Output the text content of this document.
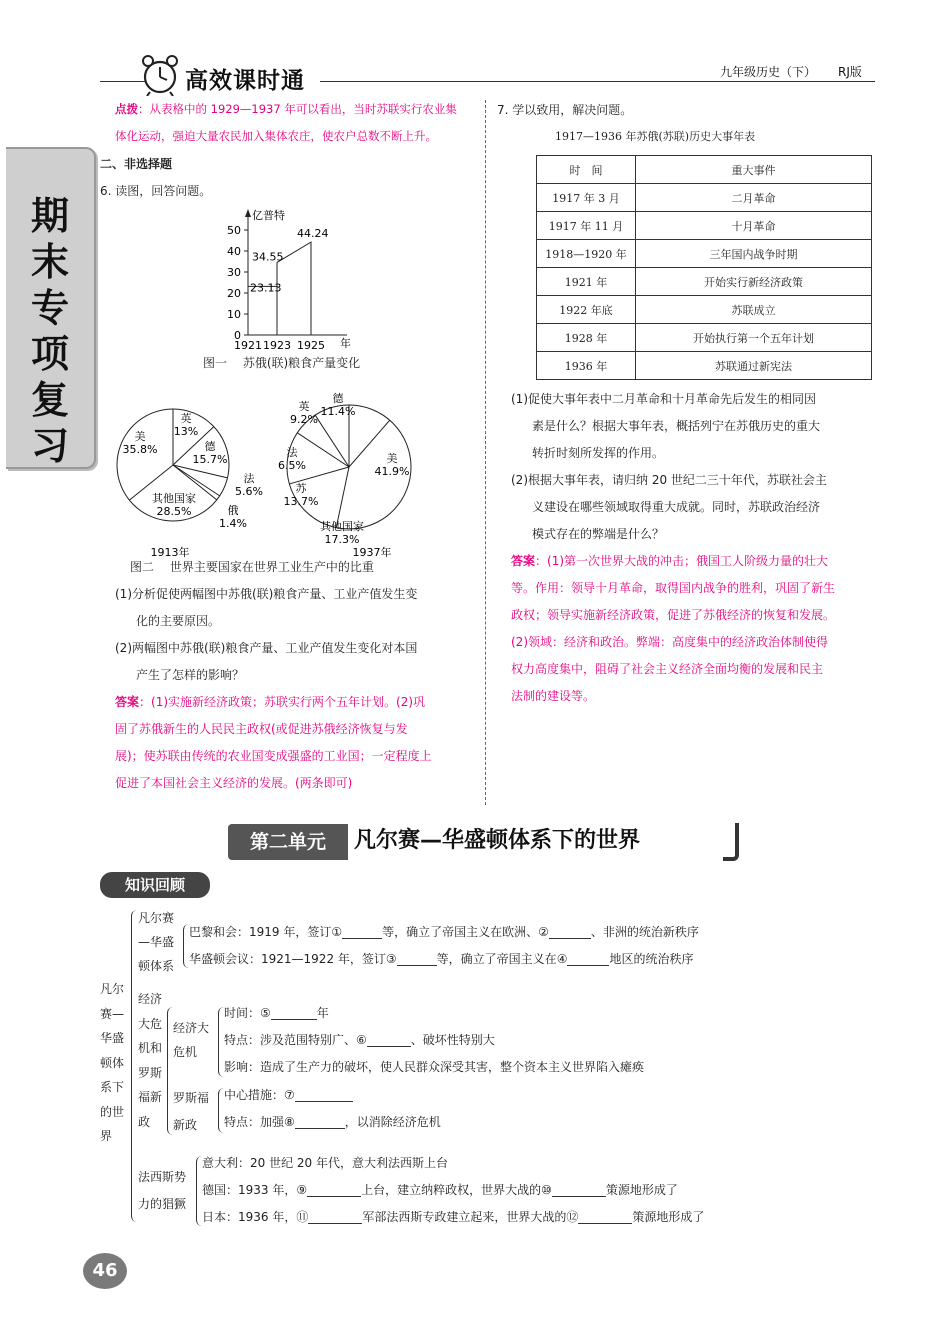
高效课时通	九年级历史（下） RJ版
期
末
专
项
复
习
点拨：从表格中的 1929—1937 年可以看出，当时苏联实行农业集
体化运动，强迫大量农民加入集体农庄，使农户总数不断上升。
二、非选择题
6. 读图，回答问题。
0
10
20
30
40
50
亿普特
23.13
34.55
44.24
1921 1923 1925 年
图一　 苏俄(联)粮食产量变化
英 13%
德 15.7%
法 5.6%
俄 1.4%
其他国家 28.5%
美 35.8%
1913年
德 11.4%
美 41.9%
其他国家 17.3%
苏 13.7%
法 6.5%
英 9.2%
1937年
图二　 世界主要国家在世界工业生产中的比重
(1)分析促使两幅图中苏俄(联)粮食产量、工业产值发生变
化的主要原因。
(2)两幅图中苏俄(联)粮食产量、工业产值发生变化对本国
产生了怎样的影响？
答案：(1)实施新经济政策；苏联实行两个五年计划。(2)巩
固了苏俄新生的人民民主政权(或促进苏俄经济恢复与发
展)；使苏联由传统的农业国变成强盛的工业国；一定程度上
促进了本国社会主义经济的发展。(两条即可)
7. 学以致用，解决问题。
1917—1936 年苏俄(苏联)历史大事年表
时　间	重大事件
1917 年 3 月	二月革命
1917 年 11 月	十月革命
1918—1920 年	三年国内战争时期
1921 年	开始实行新经济政策
1922 年底	苏联成立
1928 年	开始执行第一个五年计划
1936 年	苏联通过新宪法
(1)促使大事年表中二月革命和十月革命先后发生的相同因
素是什么？根据大事年表，概括列宁在苏俄历史的重大
转折时刻所发挥的作用。
(2)根据大事年表，请归纳 20 世纪二三十年代，苏联社会主
义建设在哪些领域取得重大成就。同时，苏联政治经济
模式存在的弊端是什么？
答案：(1)第一次世界大战的冲击；俄国工人阶级力量的壮大
等。作用：领导十月革命，取得国内战争的胜利，巩固了新生
政权；领导实施新经济政策，促进了苏俄经济的恢复和发展。
(2)领域：经济和政治。弊端：高度集中的经济政治体制使得
权力高度集中，阻碍了社会主义经济全面均衡的发展和民主
法制的建设等。
第二单元	凡尔赛—华盛顿体系下的世界
知识回顾
凡尔
赛—
华盛
顿体
系下
的世
界
凡尔赛
—华盛
顿体系
巴黎和会：1919 年，签订①	等，确立了帝国主义在欧洲、②	、非洲的统治新秩序
华盛顿会议：1921—1922 年，签订③	等，确立了帝国主义在④	地区的统治秩序
经济
大危
机和
罗斯
福新
政
经济大
危机
时间：⑤	年
特点：涉及范围特别广、⑥	、破坏性特别大
影响：造成了生产力的破坏，使人民群众深受其害，整个资本主义世界陷入瘫痪
罗斯福
新政
中心措施：⑦
特点：加强⑧	，以消除经济危机
法西斯势
力的猖獗
意大利：20 世纪 20 年代，意大利法西斯上台
德国：1933 年，⑨	上台，建立纳粹政权，世界大战的⑩	策源地形成了
日本：1936 年，⑪	军部法西斯专政建立起来，世界大战的⑫	策源地形成了
46
